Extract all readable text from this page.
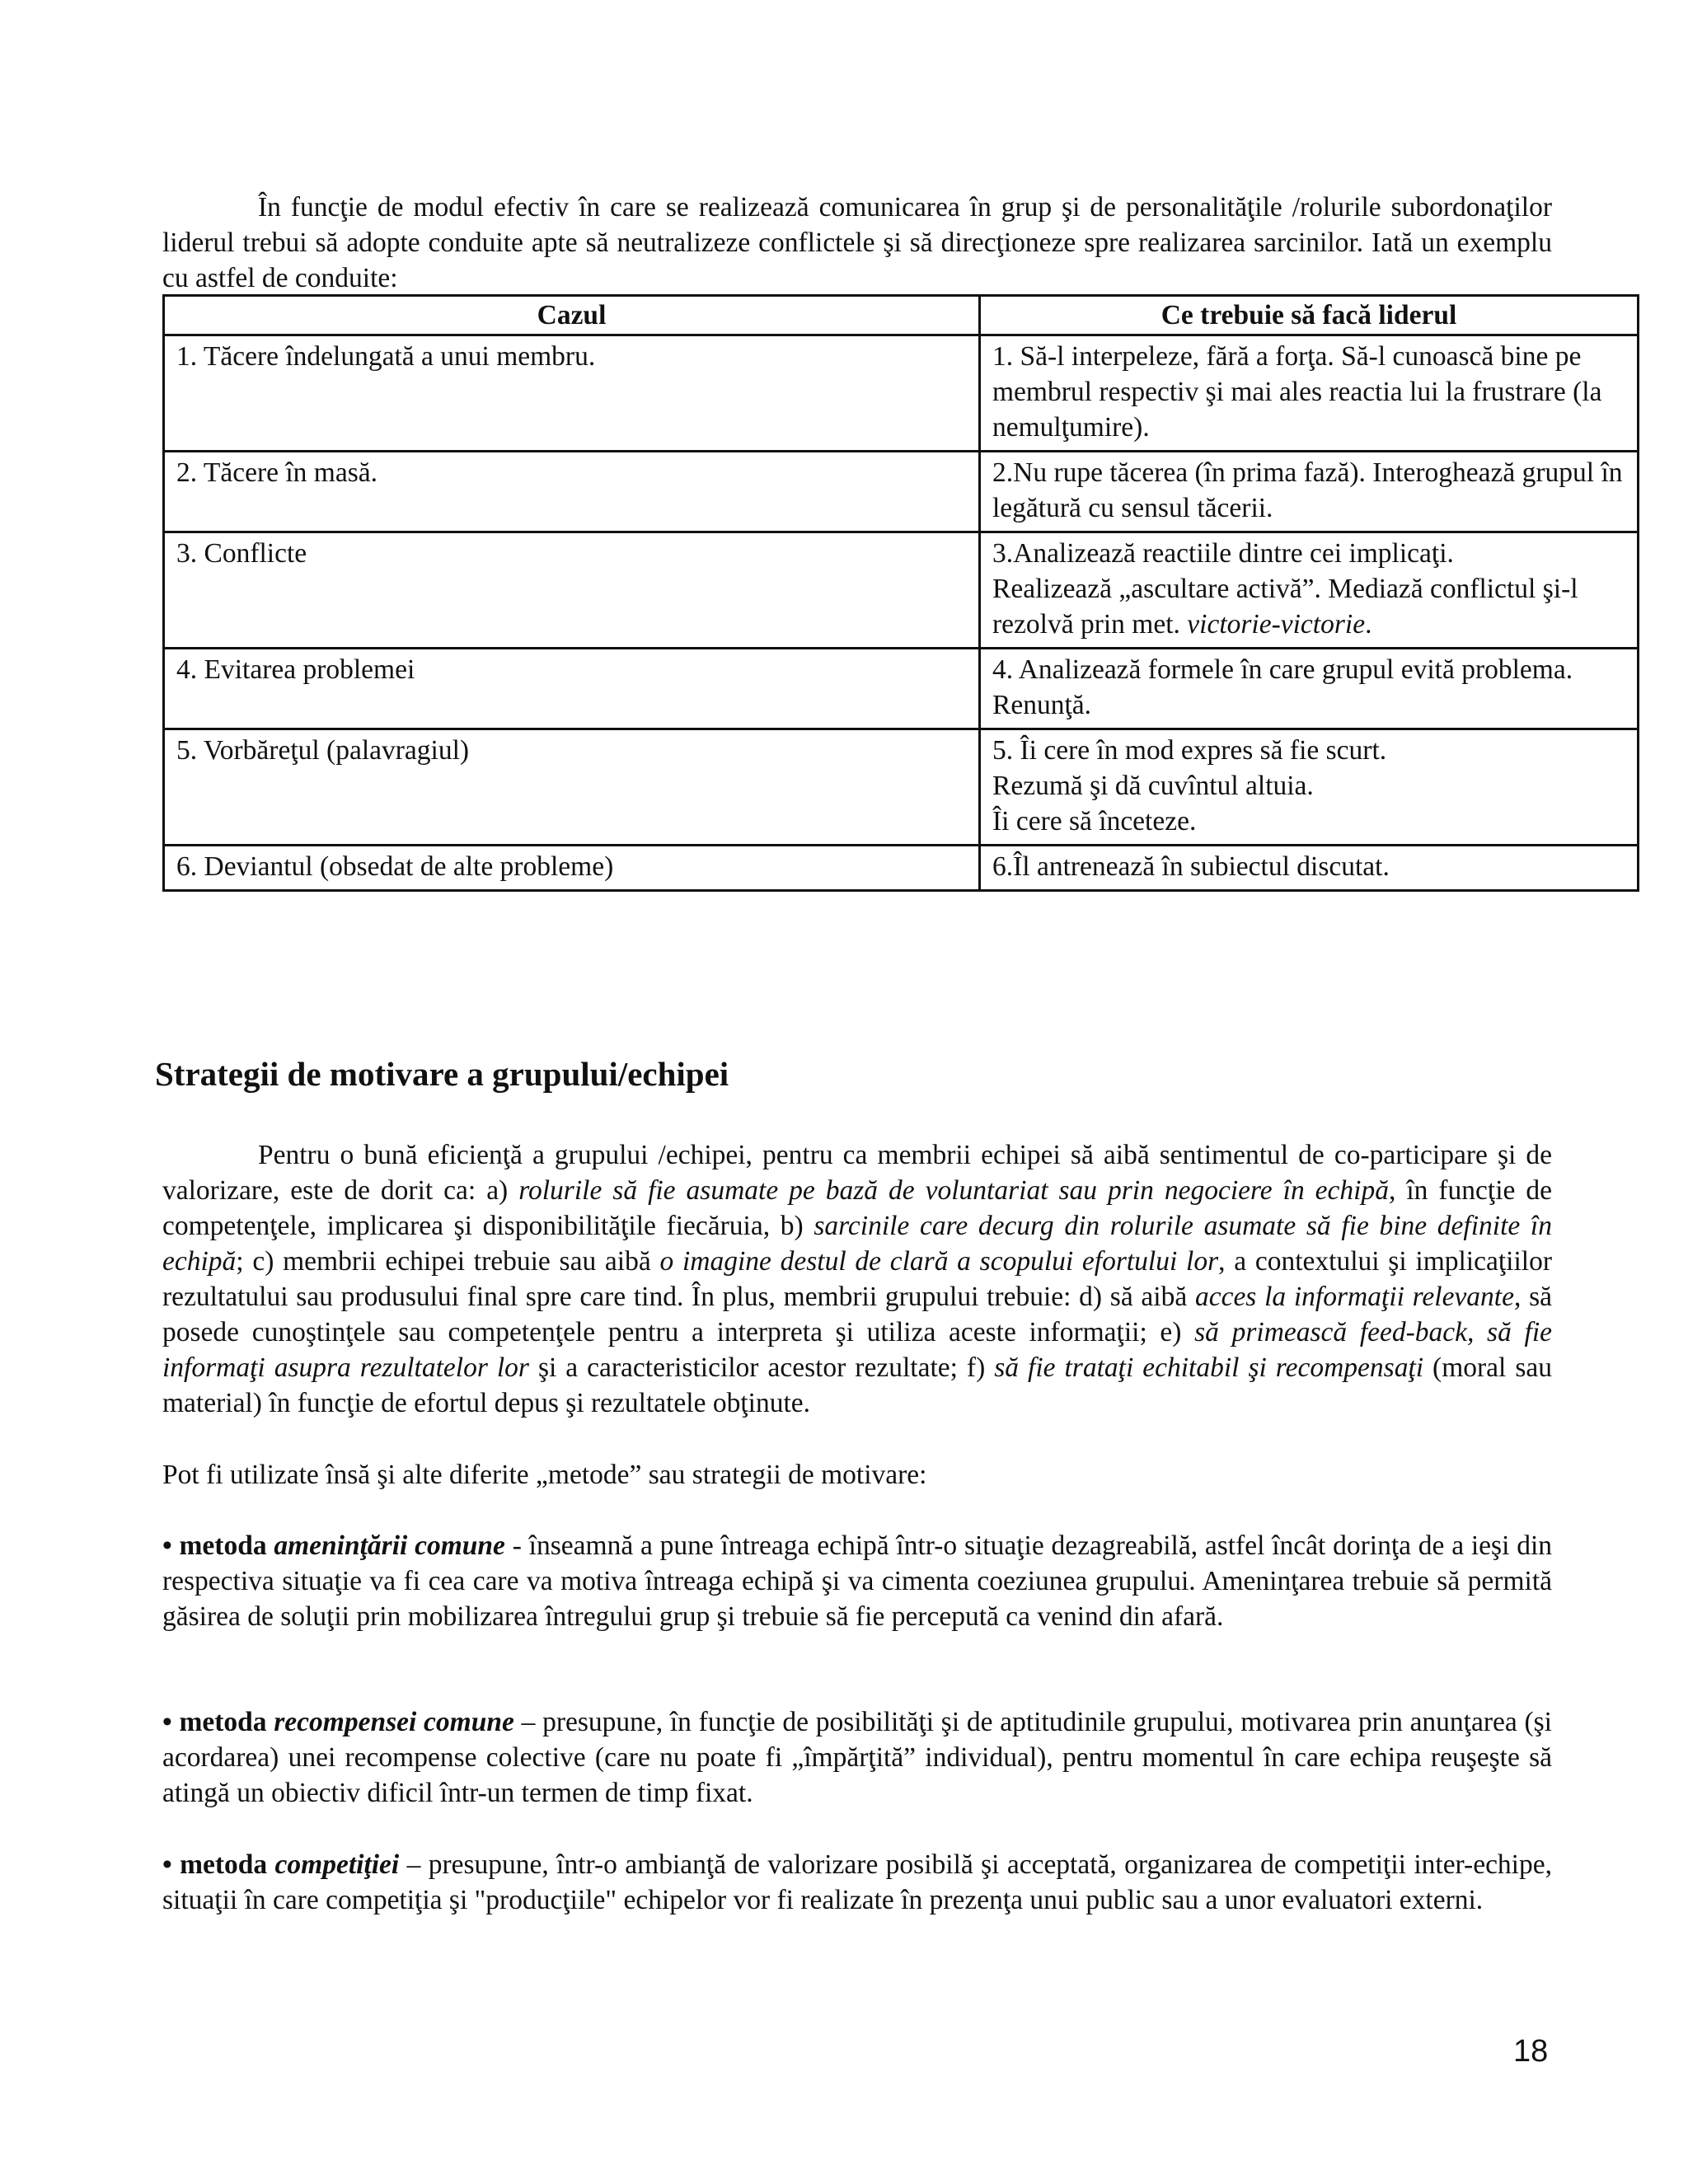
În funcţie de modul efectiv în care se realizează comunicarea în grup şi de personalităţile /rolurile subordonaţilor liderul trebui să adopte conduite apte să neutralizeze conflictele şi să direcţioneze spre realizarea sarcinilor. Iată un exemplu cu astfel de conduite:

Cazul	Ce trebuie să facă liderul
1. Tăcere îndelungată a unui membru.	1. Să-l interpeleze, fără a forţa. Să-l cunoască bine pe membrul respectiv şi mai ales reactia lui la frustrare (la nemulţumire).

2. Tăcere în masă.	2.Nu rupe tăcerea (în prima fază). Interoghează grupul în legătură cu sensul tăcerii.

3. Conflicte	3.Analizează reactiile dintre cei implicaţi.
Realizează „ascultare activă”. Mediază conflictul şi-l rezolvă prin met. victorie-victorie.

4. Evitarea problemei	4. Analizează formele în care grupul evită problema.
Renunţă.

5. Vorbăreţul (palavragiul)	5. Îi cere în mod expres să fie scurt.
Rezumă şi dă cuvîntul altuia.
Îi cere să înceteze.

6. Deviantul (obsedat de alte probleme)	6.Îl antrenează în subiectul discutat.
Strategii de motivare a grupului/echipei

Pentru o bună eficienţă a grupului /echipei, pentru ca membrii echipei să aibă sentimentul de co-participare şi de valorizare, este de dorit ca: a) rolurile să fie asumate pe bază de voluntariat sau prin negociere în echipă, în funcţie de competenţele, implicarea şi disponibilităţile fiecăruia, b) sarcinile care decurg din rolurile asumate să fie bine definite în echipă; c) membrii echipei trebuie sau aibă o imagine destul de clară a scopului efortului lor, a contextului şi implicaţiilor rezultatului sau produsului final spre care tind. În plus, membrii grupului trebuie: d) să aibă acces la informaţii relevante, să posede cunoştinţele sau competenţele pentru a interpreta şi utiliza aceste informaţii; e) să primească feed-back, să fie informaţi asupra rezultatelor lor şi a caracteristicilor acestor rezultate; f) să fie trataţi echitabil şi recompensaţi (moral sau material) în funcţie de efortul depus şi rezultatele obţinute.

Pot fi utilizate însă şi alte diferite „metode” sau strategii de motivare:

• metoda ameninţării comune - înseamnă a pune întreaga echipă într-o situaţie dezagreabilă, astfel încât dorinţa de a ieşi din respectiva situaţie va fi cea care va motiva întreaga echipă şi va cimenta coeziunea grupului. Ameninţarea trebuie să permită găsirea de soluţii prin mobilizarea întregului grup şi trebuie să fie percepută ca venind din afară.

• metoda recompensei comune – presupune, în funcţie de posibilităţi şi de aptitudinile grupului, motivarea prin anunţarea (şi acordarea) unei recompense colective (care nu poate fi „împărţită” individual), pentru momentul în care echipa reuşeşte să atingă un obiectiv dificil într-un termen de timp fixat.

• metoda competiţiei – presupune, într-o ambianţă de valorizare posibilă şi acceptată, organizarea de competiţii inter-echipe, situaţii în care competiţia şi "producţiile" echipelor vor fi realizate în prezenţa unui public sau a unor evaluatori externi.

18
